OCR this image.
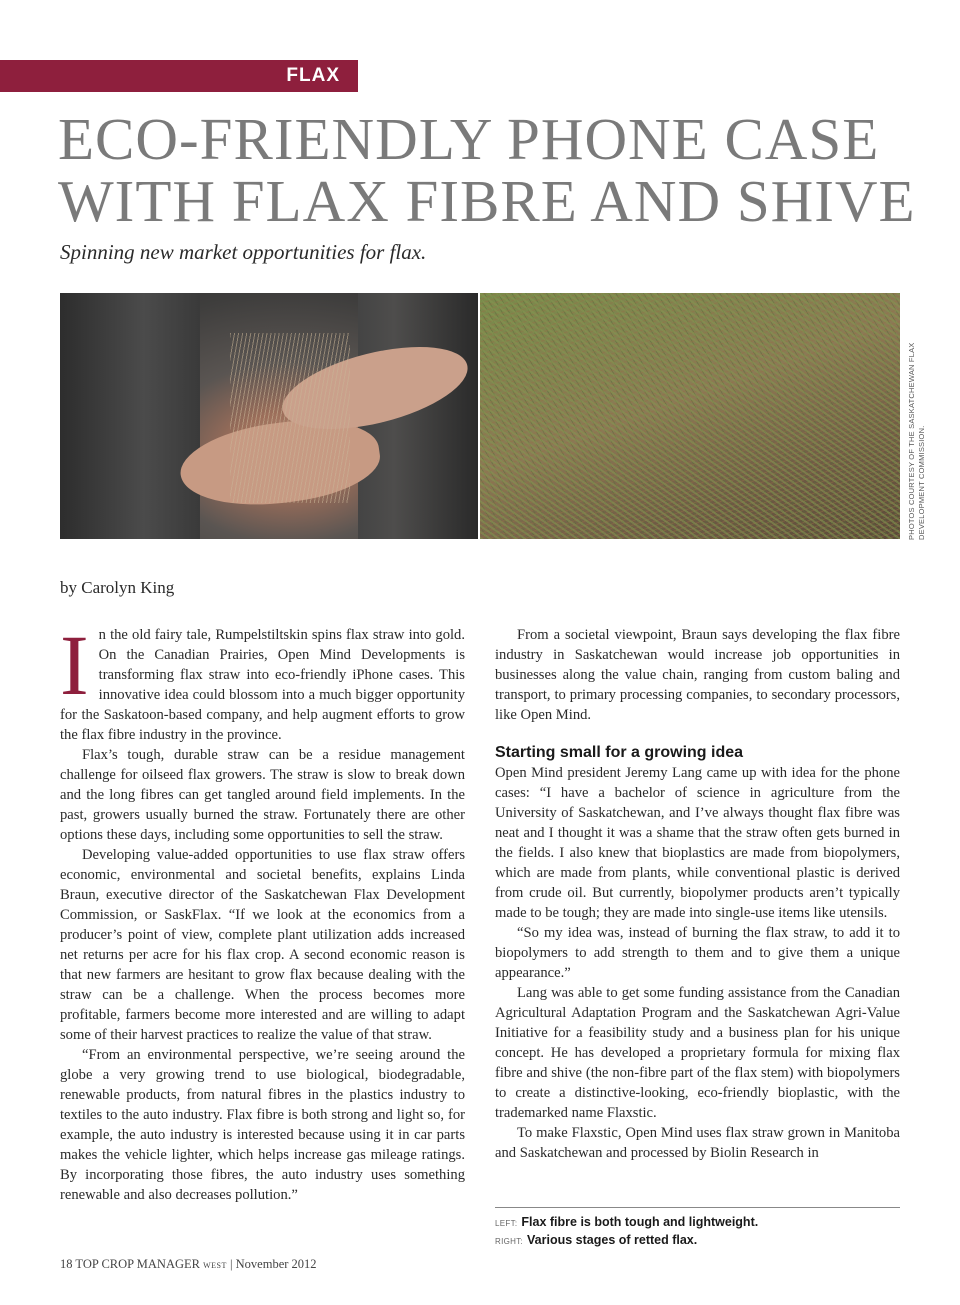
FLAX
ECO-FRIENDLY PHONE CASE
WITH FLAX FIBRE AND SHIVE
Spinning new market opportunities for flax.
PHOTOS COURTESY OF THE SASKATCHEWAN FLAX DEVELOPMENT COMMISSION.
by Carolyn King

In the old fairy tale, Rumpelstiltskin spins flax straw into gold. On the Canadian Prairies, Open Mind Developments is transforming flax straw into eco-friendly iPhone cases. This innovative idea could blossom into a much bigger opportunity for the Saskatoon-based company, and help augment efforts to grow the flax fibre industry in the province.

Flax’s tough, durable straw can be a residue management challenge for oilseed flax growers. The straw is slow to break down and the long fibres can get tangled around field implements. In the past, growers usually burned the straw. Fortunately there are other options these days, including some opportunities to sell the straw.

Developing value-added opportunities to use flax straw offers economic, environmental and societal benefits, explains Linda Braun, executive director of the Saskatchewan Flax Development Commission, or SaskFlax. “If we look at the economics from a producer’s point of view, complete plant utilization adds increased net returns per acre for his flax crop. A second economic reason is that new farmers are hesitant to grow flax because dealing with the straw can be a challenge. When the process becomes more profitable, farmers become more interested and are willing to adapt some of their harvest practices to realize the value of that straw.

“From an environmental perspective, we’re seeing around the globe a very growing trend to use biological, biodegradable, renewable products, from natural fibres in the plastics industry to textiles to the auto industry. Flax fibre is both strong and light so, for example, the auto industry is interested because using it in car parts makes the vehicle lighter, which helps increase gas mileage ratings. By incorporating those fibres, the auto industry uses something renewable and also decreases pollution.”

From a societal viewpoint, Braun says developing the flax fibre industry in Saskatchewan would increase job opportunities in businesses along the value chain, ranging from custom baling and transport, to primary processing companies, to secondary processors, like Open Mind.

Starting small for a growing idea

Open Mind president Jeremy Lang came up with idea for the phone cases: “I have a bachelor of science in agriculture from the University of Saskatchewan, and I’ve always thought flax fibre was neat and I thought it was a shame that the straw often gets burned in the fields. I also knew that bioplastics are made from biopolymers, which are made from plants, while conventional plastic is derived from crude oil. But currently, biopolymer products aren’t typically made to be tough; they are made into single-use items like utensils.

“So my idea was, instead of burning the flax straw, to add it to biopolymers to add strength to them and to give them a unique appearance.”

Lang was able to get some funding assistance from the Canadian Agricultural Adaptation Program and the Saskatchewan Agri-Value Initiative for a feasibility study and a business plan for his unique concept. He has developed a proprietary formula for mixing flax fibre and shive (the non-fibre part of the flax stem) with biopolymers to create a distinctive-looking, eco-friendly bioplastic, with the trademarked name Flaxstic.

To make Flaxstic, Open Mind uses flax straw grown in Manitoba and Saskatchewan and processed by Biolin Research in

LEFT: Flax fibre is both tough and lightweight.
RIGHT: Various stages of retted flax.
18 TOP CROP MANAGER WEST | November 2012
